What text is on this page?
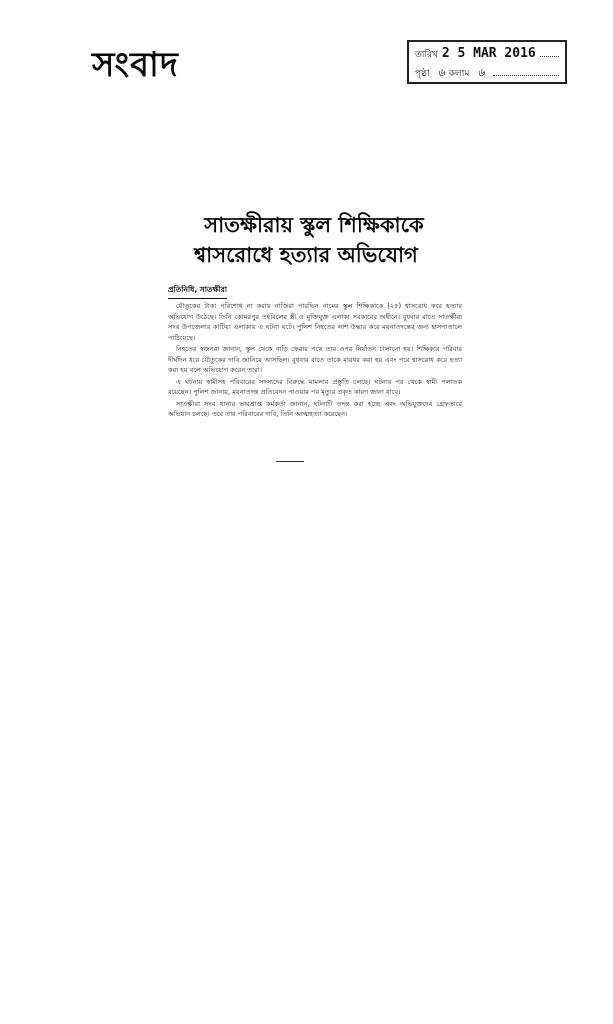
সংবাদ	তারিখ 2 5 MAR 2016
পৃষ্ঠা ৬ কলাম ৬
সাতক্ষীরায় স্কুল শিক্ষিকাকে
শ্বাসরোধে হত্যার অভিযোগ
প্রতিনিধি, সাতক্ষীরা

যৌতুকের টাকা পরিশোধ না করায় নাজিরা পারভিন নামের স্কুল শিক্ষিকাকে (২৫) শ্বাসরোধ করে হত্যার অভিযোগ উঠেছে। তিনি কোমরপুর তহবিলের স্ত্রী ও মুক্তিযুক্ত এলাকা সরকারের অধীনে। বুধবার রাতে সাতক্ষীরা সদর উপজেলার কাটিয়া এলাকায় এ ঘটনা ঘটে। পুলিশ নিহতের লাশ উদ্ধার করে ময়নাতদন্তের জন্য হাসপাতালে পাঠিয়েছে।

নিহতের স্বজনরা জানান, স্কুল থেকে বাড়ি ফেরার পথে তার ওপর নির্যাতন চালানো হয়। শিক্ষিকার পরিবার দীর্ঘদিন ধরে যৌতুকের দাবি জানিয়ে আসছিল। বুধবার রাতে তাকে মারধর করা হয় এবং পরে শ্বাসরোধ করে হত্যা করা হয় বলে অভিযোগ করেন তারা।

এ ঘটনায় স্বামীসহ পরিবারের সদস্যদের বিরুদ্ধে মামলার প্রস্তুতি চলছে। ঘটনার পর থেকে স্বামী পলাতক রয়েছেন। পুলিশ জানায়, ময়নাতদন্ত প্রতিবেদন পাওয়ার পর মৃত্যুর প্রকৃত কারণ জানা যাবে।

সাতক্ষীরা সদর থানার ভারপ্রাপ্ত কর্মকর্তা জানান, ঘটনাটি তদন্ত করা হচ্ছে এবং অভিযুক্তদের গ্রেফতারে অভিযান চলছে। তবে তার পরিবারের দাবি, তিনি আত্মহত্যা করেছেন।
